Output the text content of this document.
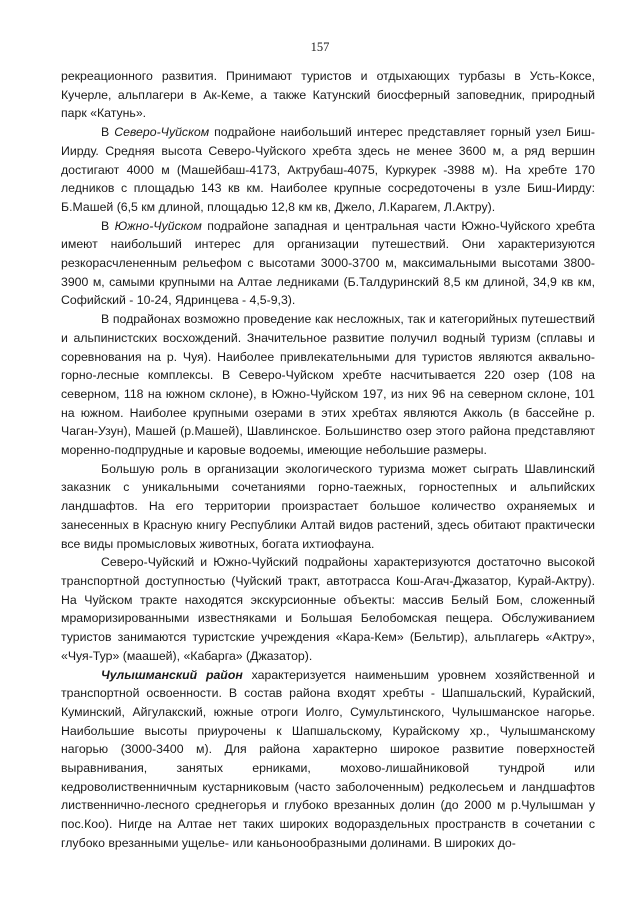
157

рекреационного развития. Принимают туристов и отдыхающих турбазы в Усть-Коксе, Кучерле, альплагери в Ак-Кеме, а также Катунский биосферный заповедник, природный парк «Катунь».

В Северо-Чуйском подрайоне наибольший интерес представляет горный узел Биш-Иирду. Средняя высота Северо-Чуйского хребта здесь не менее 3600 м, а ряд вершин достигают 4000 м (Машейбаш-4173, Актрубаш-4075, Куркурек -3988 м). На хребте 170 ледников с площадью 143 кв км. Наиболее крупные сосредоточены в узле Биш-Иирду: Б.Машей (6,5 км длиной, площадью 12,8 км кв, Джело, Л.Карагем, Л.Актру).

В Южно-Чуйском подрайоне западная и центральная части Южно-Чуйского хребта имеют наибольший интерес для организации путешествий. Они характеризуются резкорасчлененным рельефом с высотами 3000-3700 м, максимальными высотами 3800-3900 м, самыми крупными на Алтае ледниками (Б.Талдуринский 8,5 км длиной, 34,9 кв км, Софийский - 10-24, Ядринцева - 4,5-9,3).

В подрайонах возможно проведение как несложных, так и категорийных путешествий и альпинистских восхождений. Значительное развитие получил водный туризм (сплавы и соревнования на р. Чуя). Наиболее привлекательными для туристов являются аквально-горно-лесные комплексы. В Северо-Чуйском хребте насчитывается 220 озер (108 на северном, 118 на южном склоне), в Южно-Чуйском 197, из них 96 на северном склоне, 101 на южном. Наиболее крупными озерами в этих хребтах являются Акколь (в бассейне р. Чаган-Узун), Машей (р.Машей), Шавлинское. Большинство озер этого района представляют моренно-подпрудные и каровые водоемы, имеющие небольшие размеры.

Большую роль в организации экологического туризма может сыграть Шавлинский заказник с уникальными сочетаниями горно-таежных, горностепных и альпийских ландшафтов. На его территории произрастает большое количество охраняемых и занесенных в Красную книгу Республики Алтай видов растений, здесь обитают практически все виды промысловых животных, богата ихтиофауна.

Северо-Чуйский и Южно-Чуйский подрайоны характеризуются достаточно высокой транспортной доступностью (Чуйский тракт, автотрасса Кош-Агач-Джазатор, Курай-Актру). На Чуйском тракте находятся экскурсионные объекты: массив Белый Бом, сложенный мраморизированными известняками и Большая Белобомская пещера. Обслуживанием туристов занимаются туристские учреждения «Кара-Кем» (Бельтир), альплагерь «Актру», «Чуя-Тур» (маашей), «Кабарга» (Джазатор).

Чулышманский район характеризуется наименьшим уровнем хозяйственной и транспортной освоенности. В состав района входят хребты - Шапшальский, Курайский, Куминский, Айгулакский, южные отроги Иолго, Сумультинского, Чулышманское нагорье. Наибольшие высоты приурочены к Шапшальскому, Курайскому хр., Чулышманскому нагорью (3000-3400 м). Для района характерно широкое развитие поверхностей выравнивания, занятых ерниками, мохово-лишайниковой тундрой или кедроволиственничным кустарниковым (часто заболоченным) редколесьем и ландшафтов лиственнично-лесного среднегорья и глубоко врезанных долин (до 2000 м р.Чулышман у пос.Коо). Нигде на Алтае нет таких широких водораздельных пространств в сочетании с глубоко врезанными ущелье- или каньонообразными долинами. В широких до-
